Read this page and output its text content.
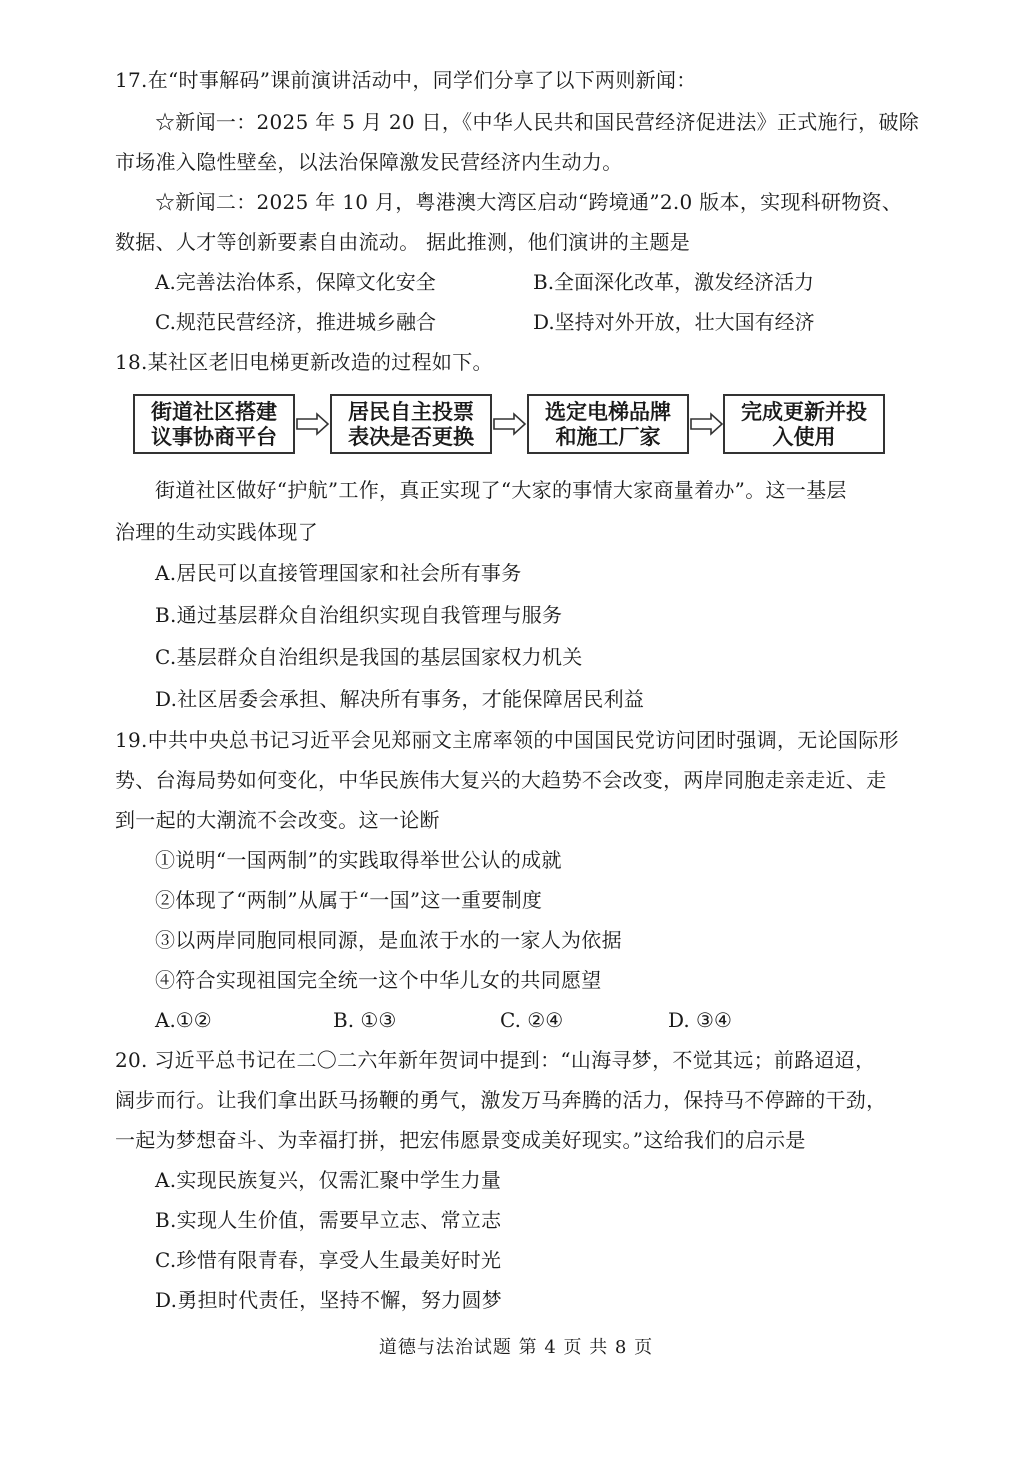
17.在“时事解码”课前演讲活动中，同学们分享了以下两则新闻：
☆新闻一：2025 年 5 月 20 日，《中华人民共和国民营经济促进法》正式施行，破除
市场准入隐性壁垒，以法治保障激发民营经济内生动力。
☆新闻二：2025 年 10 月，粤港澳大湾区启动“跨境通”2.0 版本，实现科研物资、
数据、人才等创新要素自由流动。 据此推测，他们演讲的主题是
A.完善法治体系，保障文化安全	B.全面深化改革，激发经济活力
C.规范民营经济，推进城乡融合	D.坚持对外开放，壮大国有经济
18.某社区老旧电梯更新改造的过程如下。
街道社区搭建
议事协商平台
居民自主投票
表决是否更换
选定电梯品牌
和施工厂家
完成更新并投
入使用
街道社区做好“护航”工作，真正实现了“大家的事情大家商量着办”。这一基层
治理的生动实践体现了
A.居民可以直接管理国家和社会所有事务
B.通过基层群众自治组织实现自我管理与服务
C.基层群众自治组织是我国的基层国家权力机关
D.社区居委会承担、解决所有事务，才能保障居民利益
19.中共中央总书记习近平会见郑丽文主席率领的中国国民党访问团时强调，无论国际形
势、台海局势如何变化，中华民族伟大复兴的大趋势不会改变，两岸同胞走亲走近、走
到一起的大潮流不会改变。这一论断
①说明“一国两制”的实践取得举世公认的成就
②体现了“两制”从属于“一国”这一重要制度
③以两岸同胞同根同源，是血浓于水的一家人为依据
④符合实现祖国完全统一这个中华儿女的共同愿望
A.①②	B. ①③	C. ②④	D. ③④
20. 习近平总书记在二〇二六年新年贺词中提到：“山海寻梦，不觉其远；前路迢迢，
阔步而行。让我们拿出跃马扬鞭的勇气，激发万马奔腾的活力，保持马不停蹄的干劲，
一起为梦想奋斗、为幸福打拼，把宏伟愿景变成美好现实。”这给我们的启示是
A.实现民族复兴，仅需汇聚中学生力量
B.实现人生价值，需要早立志、常立志
C.珍惜有限青春，享受人生最美好时光
D.勇担时代责任，坚持不懈，努力圆梦
道德与法治试题 第 4 页 共 8 页
